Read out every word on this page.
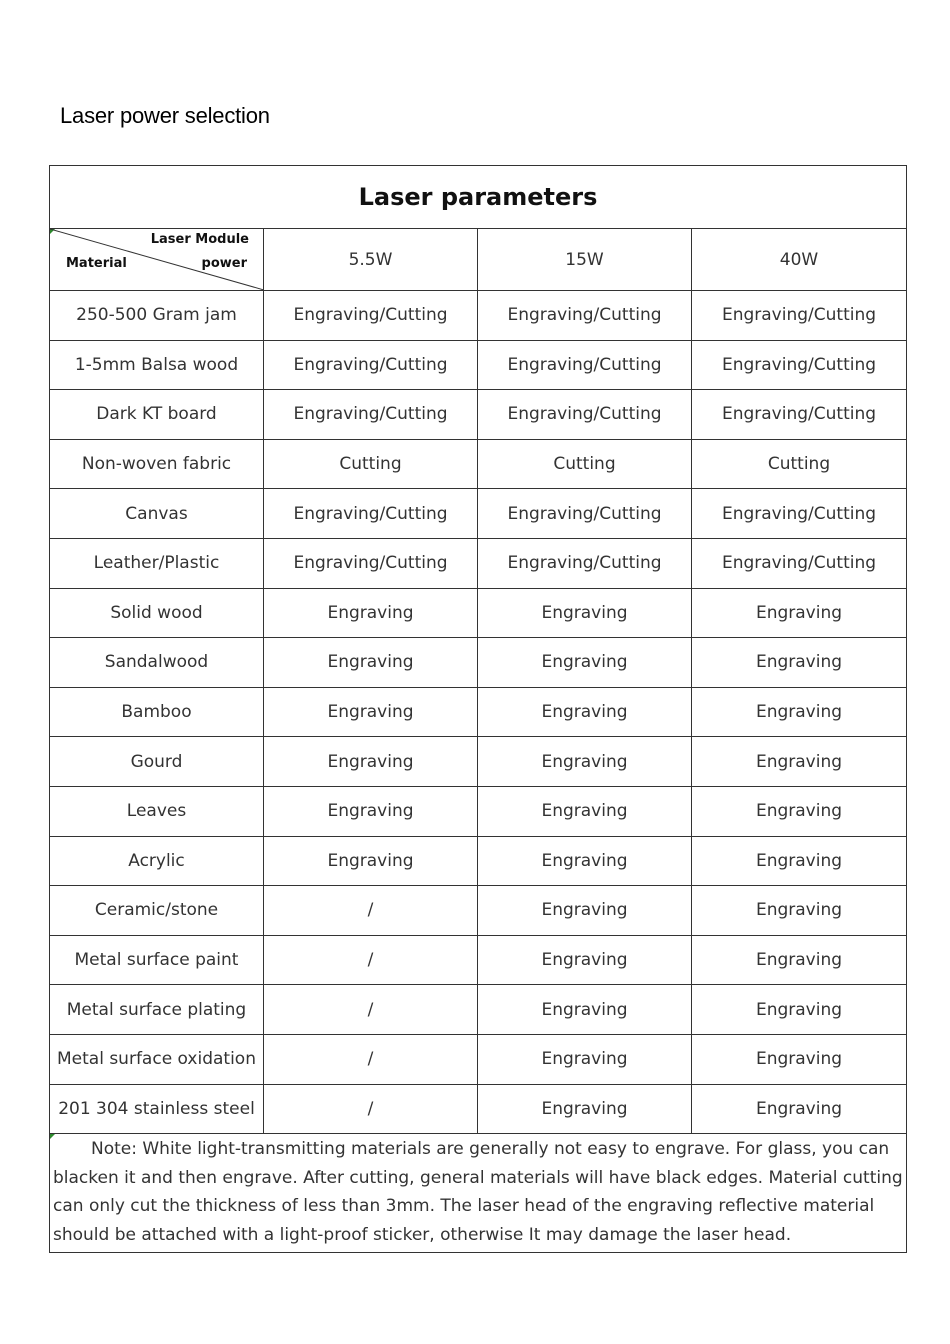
Laser power selection
Laser parameters			

Laser Module
power
Material	5.5W	15W	40W
250-500 Gram jam	Engraving/Cutting	Engraving/Cutting	Engraving/Cutting
1-5mm Balsa wood	Engraving/Cutting	Engraving/Cutting	Engraving/Cutting
Dark KT board	Engraving/Cutting	Engraving/Cutting	Engraving/Cutting
Non-woven fabric	Cutting	Cutting	Cutting
Canvas	Engraving/Cutting	Engraving/Cutting	Engraving/Cutting
Leather/Plastic	Engraving/Cutting	Engraving/Cutting	Engraving/Cutting
Solid wood	Engraving	Engraving	Engraving
Sandalwood	Engraving	Engraving	Engraving
Bamboo	Engraving	Engraving	Engraving
Gourd	Engraving	Engraving	Engraving
Leaves	Engraving	Engraving	Engraving
Acrylic	Engraving	Engraving	Engraving
Ceramic/stone	/	Engraving	Engraving
Metal surface paint	/	Engraving	Engraving
Metal surface plating	/	Engraving	Engraving
Metal surface oxidation	/	Engraving	Engraving
201 304 stainless steel	/	Engraving	Engraving

Note: White light-transmitting materials are generally not easy to engrave. For glass, you can blacken it and then engrave. After cutting, general materials will have black edges. Material cutting can only cut the thickness of less than 3mm. The laser head of the engraving reflective material should be attached with a light-proof sticker, otherwise It may damage the laser head.			
